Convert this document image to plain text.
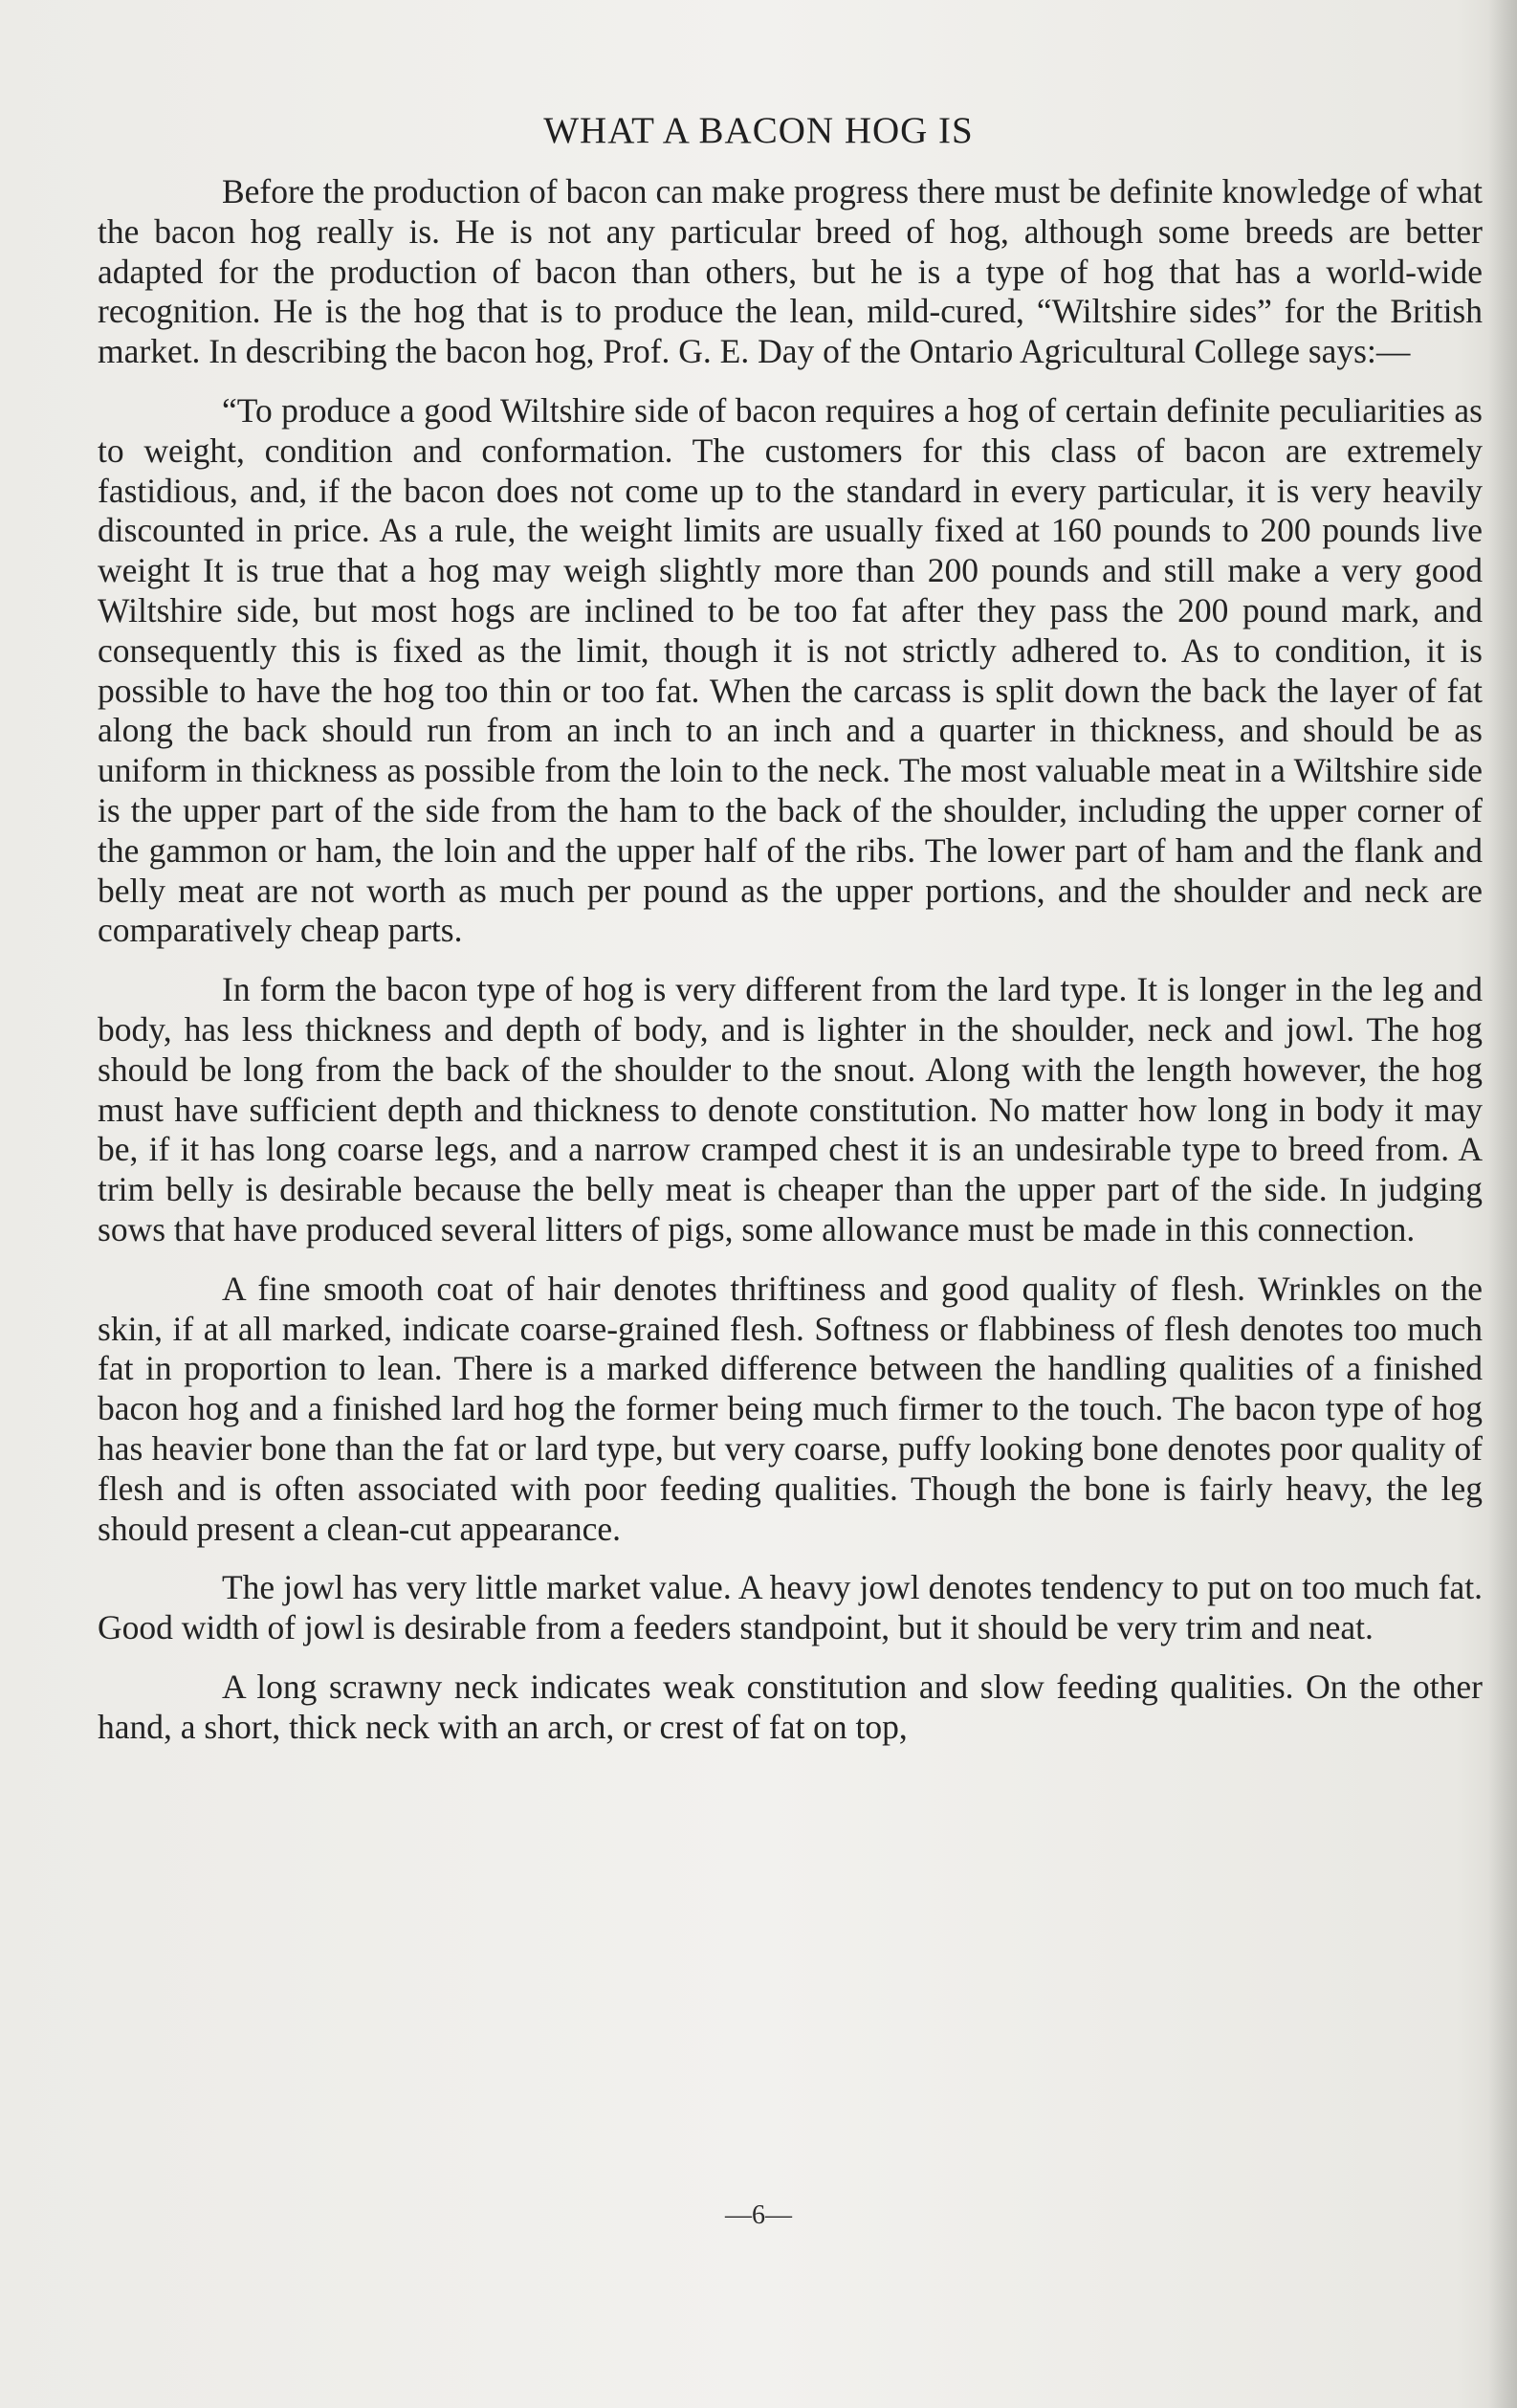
WHAT A BACON HOG IS

Before the production of bacon can make progress there must be definite knowledge of what the bacon hog really is. He is not any particular breed of hog, although some breeds are better adapted for the production of bacon than others, but he is a type of hog that has a world-wide recognition. He is the hog that is to produce the lean, mild-cured, “Wiltshire sides” for the British market. In describing the bacon hog, Prof. G. E. Day of the Ontario Agricultural College says:—

“To produce a good Wiltshire side of bacon requires a hog of certain definite peculiarities as to weight, condition and conformation. The customers for this class of bacon are extremely fastidious, and, if the bacon does not come up to the standard in every particular, it is very heavily discounted in price. As a rule, the weight limits are usually fixed at 160 pounds to 200 pounds live weight It is true that a hog may weigh slightly more than 200 pounds and still make a very good Wiltshire side, but most hogs are inclined to be too fat after they pass the 200 pound mark, and consequently this is fixed as the limit, though it is not strictly adhered to. As to condition, it is possible to have the hog too thin or too fat. When the carcass is split down the back the layer of fat along the back should run from an inch to an inch and a quarter in thickness, and should be as uniform in thickness as possible from the loin to the neck. The most valuable meat in a Wiltshire side is the upper part of the side from the ham to the back of the shoulder, including the upper corner of the gammon or ham, the loin and the upper half of the ribs. The lower part of ham and the flank and belly meat are not worth as much per pound as the upper portions, and the shoulder and neck are comparatively cheap parts.

In form the bacon type of hog is very different from the lard type. It is longer in the leg and body, has less thickness and depth of body, and is lighter in the shoulder, neck and jowl. The hog should be long from the back of the shoulder to the snout. Along with the length however, the hog must have sufficient depth and thickness to denote constitution. No matter how long in body it may be, if it has long coarse legs, and a narrow cramped chest it is an undesirable type to breed from. A trim belly is desirable because the belly meat is cheaper than the upper part of the side. In judging sows that have produced several litters of pigs, some allowance must be made in this connection.

A fine smooth coat of hair denotes thriftiness and good quality of flesh. Wrinkles on the skin, if at all marked, indicate coarse-grained flesh. Softness or flabbiness of flesh denotes too much fat in proportion to lean. There is a marked difference between the handling qualities of a finished bacon hog and a finished lard hog the former being much firmer to the touch. The bacon type of hog has heavier bone than the fat or lard type, but very coarse, puffy looking bone denotes poor quality of flesh and is often associated with poor feeding qualities. Though the bone is fairly heavy, the leg should present a clean-cut appearance.

The jowl has very little market value. A heavy jowl denotes tendency to put on too much fat. Good width of jowl is desirable from a feeders standpoint, but it should be very trim and neat.

A long scrawny neck indicates weak constitution and slow feeding qualities. On the other hand, a short, thick neck with an arch, or crest of fat on top,

—6—
